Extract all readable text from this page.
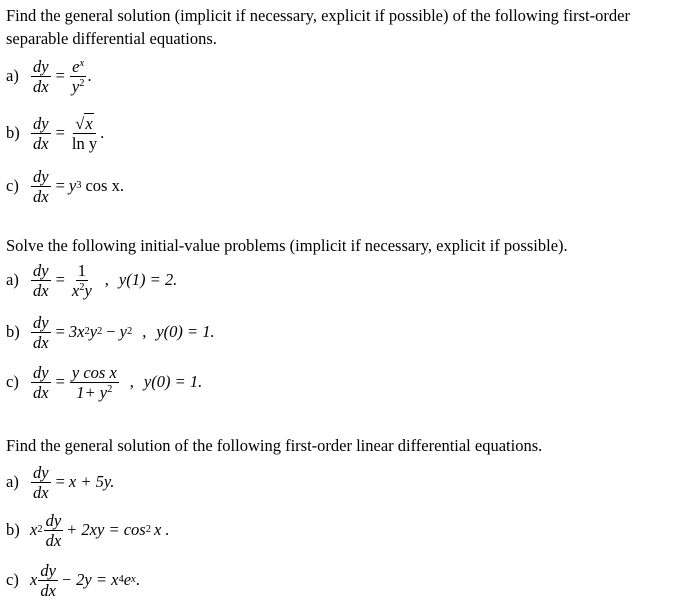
Find the general solution (implicit if necessary, explicit if possible) of the following first-order separable differential equations.

$a) \frac{dy}{dx} = \frac{e^x}{y^2}$ .
$b) \frac{dy}{dx} = \frac{√ x}{\text{ln y}}$ .
$c) \frac{dy}{dx} = y$ 3 cos x .

Solve the following initial-value problems (implicit if necessary, explicit if possible).

$a) \frac{dy}{dx} = \frac{1}{x^2y}$ , y(1) = 2.
$b) \frac{dy}{dx} = 3x$ 2 y 2 − y 2 , y(0) = 1.
$c) \frac{dy}{dx} = \frac{\text{y cos x}}{1+ y^2}$ , y(0) = 1.

Find the general solution of the following first-order linear differential equations.

$a) \frac{dy}{dx} = x + 5y$.
b) x $2 \frac{dy}{dx} + 2xy = \cos 2$ x .
c) x $\frac{dy}{dx} - 2y = x$ 4 e x .
